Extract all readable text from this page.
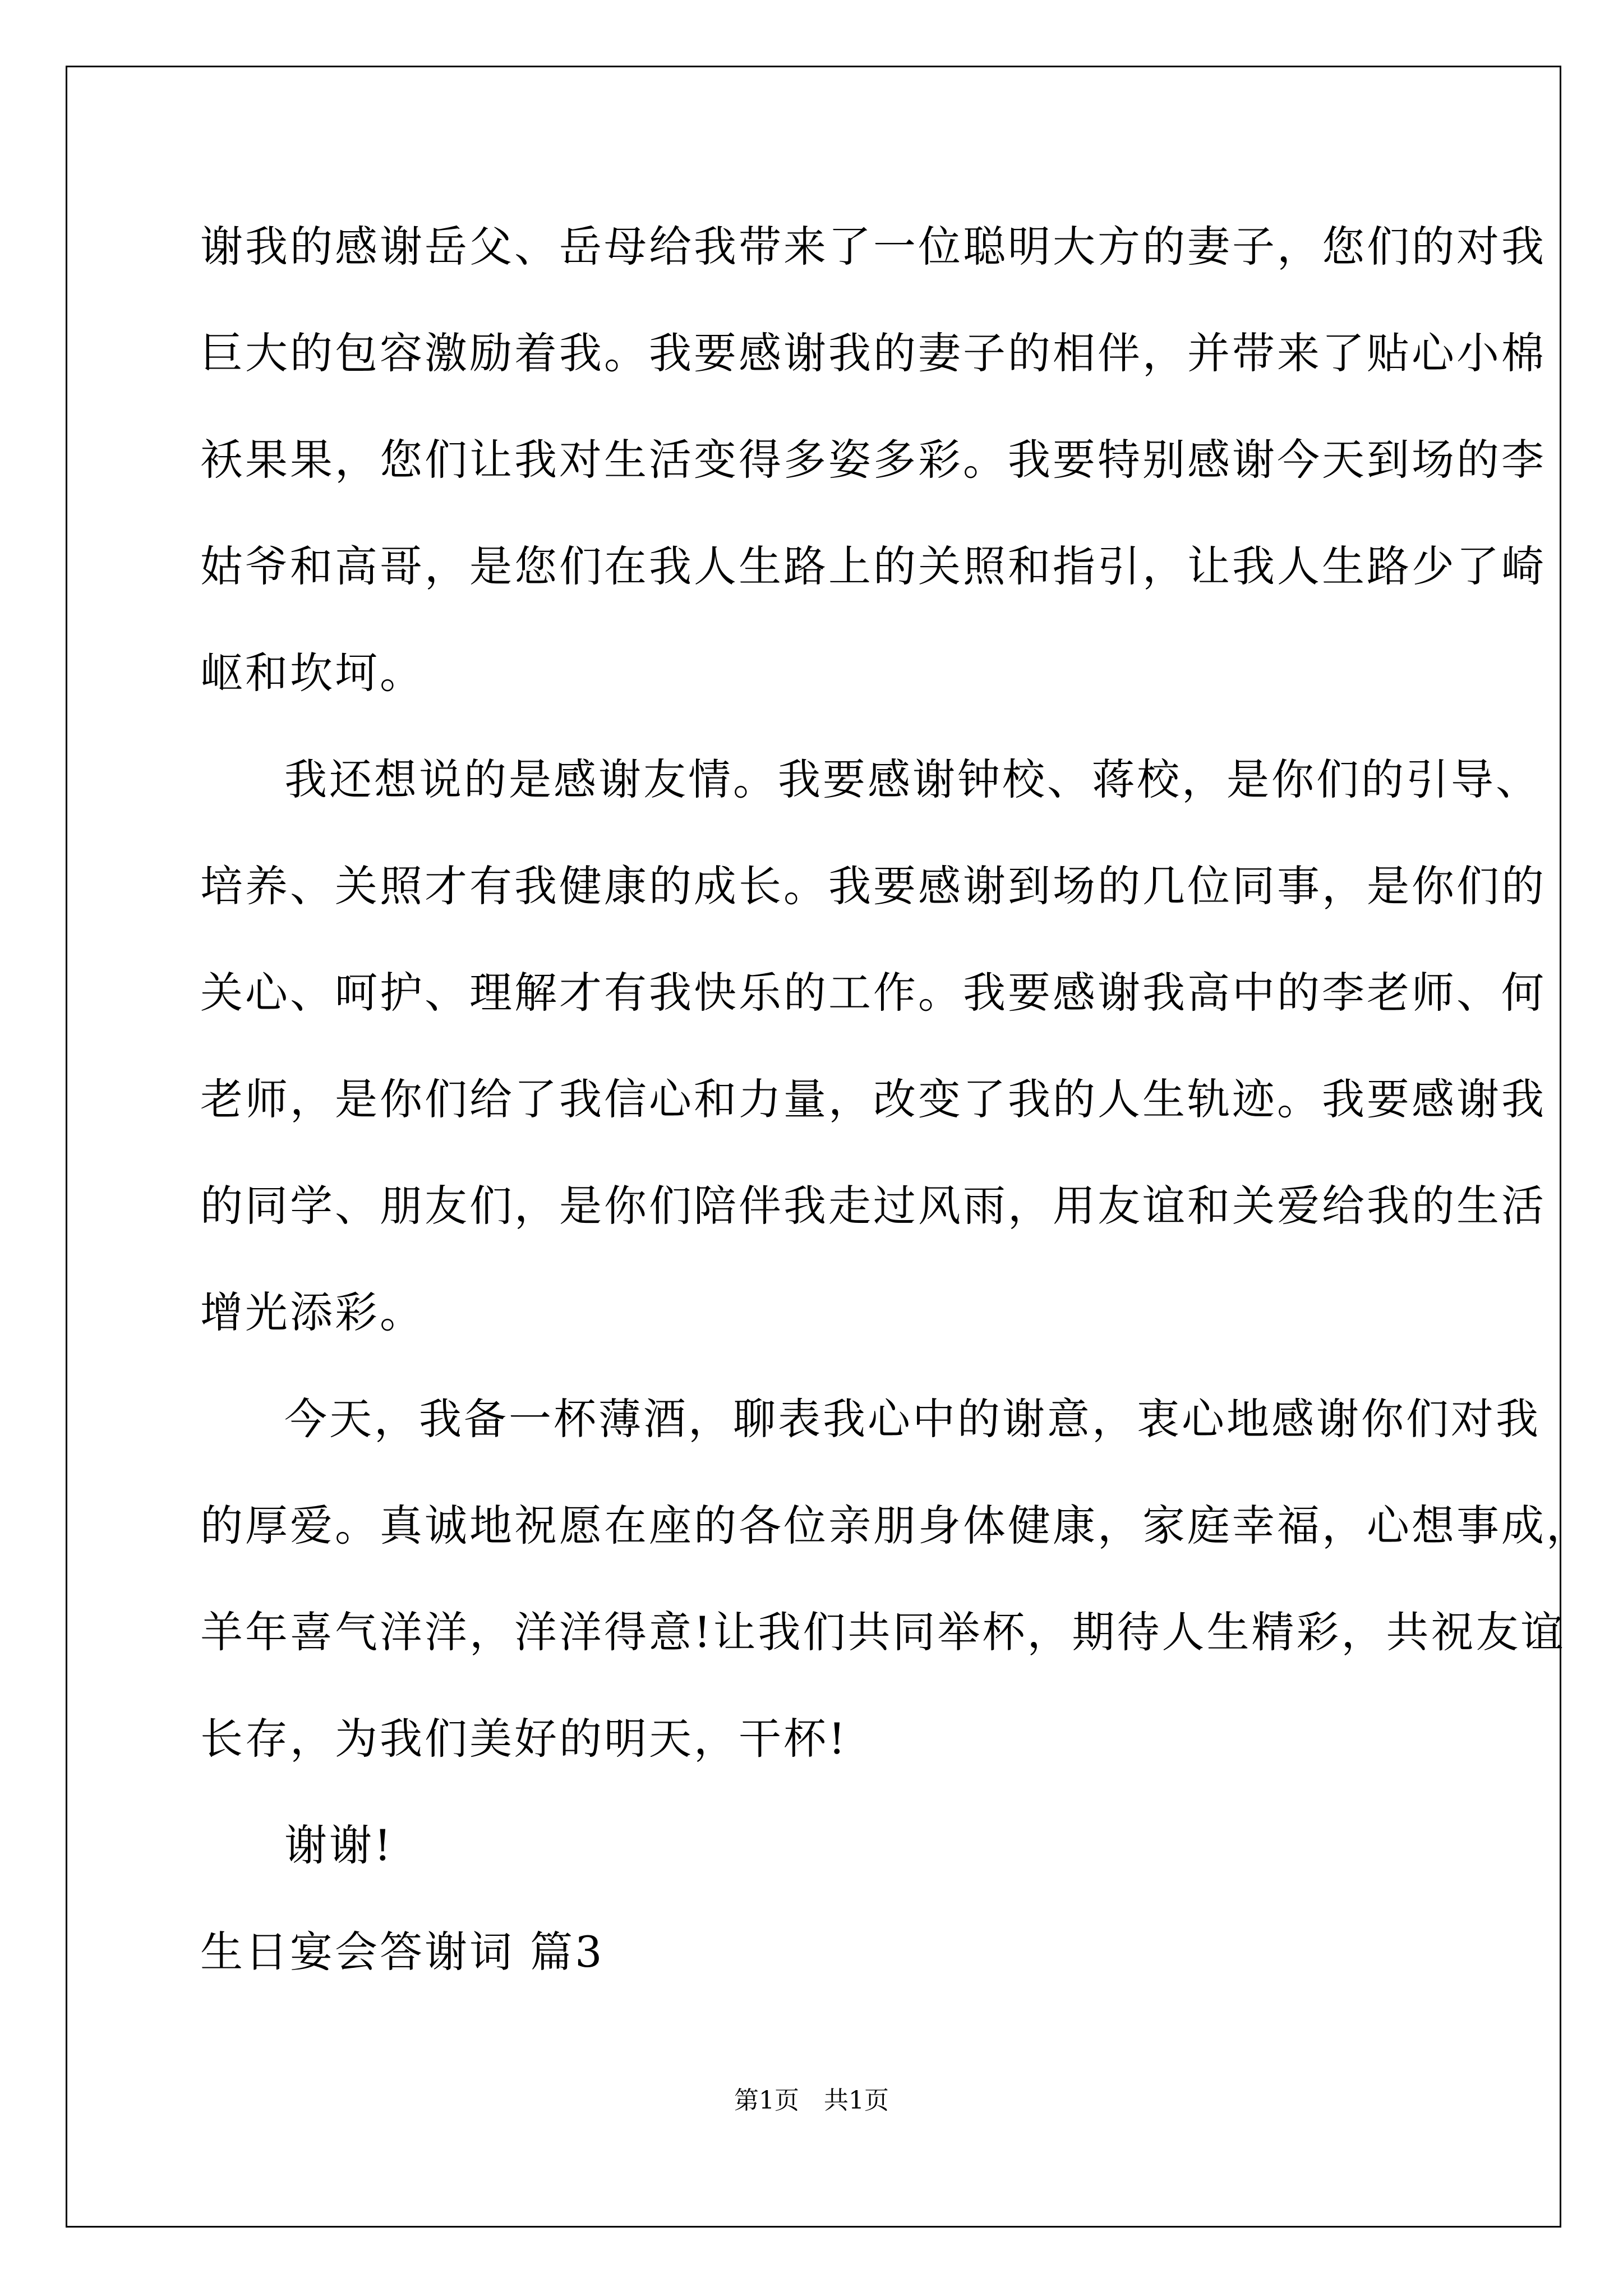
谢我的感谢岳父、岳母给我带来了一位聪明大方的妻子，您们的对我
巨大的包容激励着我。我要感谢我的妻子的相伴，并带来了贴心小棉
袄果果，您们让我对生活变得多姿多彩。我要特别感谢今天到场的李
姑爷和高哥，是您们在我人生路上的关照和指引，让我人生路少了崎
岖和坎坷。
我还想说的是感谢友情。我要感谢钟校、蒋校，是你们的引导、
培养、关照才有我健康的成长。我要感谢到场的几位同事，是你们的
关心、呵护、理解才有我快乐的工作。我要感谢我高中的李老师、何
老师，是你们给了我信心和力量，改变了我的人生轨迹。我要感谢我
的同学、朋友们，是你们陪伴我走过风雨，用友谊和关爱给我的生活
增光添彩。
今天，我备一杯薄酒，聊表我心中的谢意，衷心地感谢你们对我
的厚爱。真诚地祝愿在座的各位亲朋身体健康，家庭幸福，心想事成，
羊年喜气洋洋，洋洋得意!让我们共同举杯，期待人生精彩，共祝友谊
长存，为我们美好的明天，干杯!
谢谢!
生日宴会答谢词 篇3
第1页　共1页
